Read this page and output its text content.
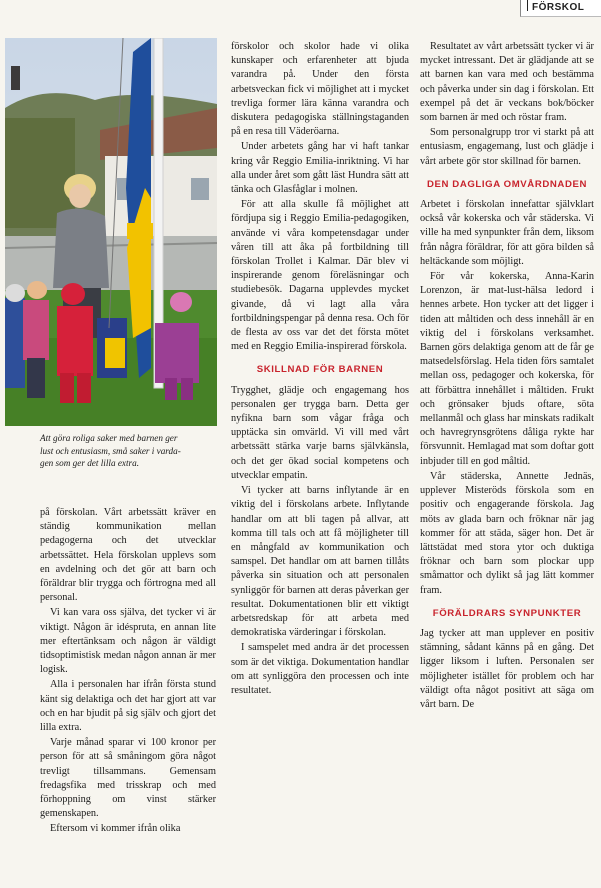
FÖRSKOL
Att göra roliga saker med barnen ger
lust och entusiasm, små saker i varda-
gen som ger det lilla extra.

på förskolan. Vårt arbetssätt kräver en ständig kommunikation mellan pedagogerna och det utvecklar arbetssättet. Hela förskolan upplevs som en avdelning och det gör att barn och föräldrar blir trygga och förtrogna med all personal.

Vi kan vara oss själva, det tycker vi är viktigt. Någon är idéspruta, en annan lite mer eftertänksam och någon är väldigt tidsoptimistisk medan någon annan är mer logisk.

Alla i personalen har ifrån första stund känt sig delaktiga och det har gjort att var och en har bjudit på sig själv och gjort det lilla extra.

Varje månad sparar vi 100 kronor per person för att så småningom göra något trevligt tillsammans. Gemensam fredagsfika med trisskrap och med förhoppning om vinst stärker gemenskapen.

Eftersom vi kommer ifrån olika

förskolor och skolor hade vi olika kunskaper och erfarenheter att bjuda varandra på. Under den första arbetsveckan fick vi möjlighet att i mycket trevliga former lära känna varandra och diskutera pedagogiska ställningstaganden på en resa till Väderöarna.

Under arbetets gång har vi haft tankar kring vår Reggio Emilia-inriktning. Vi har alla under året som gått läst Hundra sätt att tänka och Glasfåglar i molnen.

För att alla skulle få möjlighet att fördjupa sig i Reggio Emilia-pedagogiken, använde vi våra kompetensdagar under våren till att åka på fortbildning till förskolan Trollet i Kalmar. Där blev vi inspirerande genom föreläsningar och studiebesök. Dagarna upplevdes mycket givande, då vi lagt alla våra fortbildningspengar på denna resa. Och för de flesta av oss var det det första mötet med en Reggio Emilia-inspirerad förskola.

SKILLNAD FÖR BARNEN

Trygghet, glädje och engagemang hos personalen ger trygga barn. Detta ger nyfikna barn som vågar fråga och upptäcka sin omvärld. Vi vill med vårt arbetssätt stärka varje barns självkänsla, och det ger ökad social kompetens och utvecklar empatin.

Vi tycker att barns inflytande är en viktig del i förskolans arbete. Inflytande handlar om att bli tagen på allvar, att komma till tals och att få möjligheter till en mångfald av kommunikation och samspel. Det handlar om att barnen tillåts påverka sin situation och att personalen synliggör för barnen att deras påverkan ger resultat. Dokumentationen blir ett viktigt arbetsredskap för att arbeta med demokratiska värderingar i förskolan.

I samspelet med andra är det processen som är det viktiga. Dokumentation handlar om att synliggöra den processen och inte resultatet.

Resultatet av vårt arbetssätt tycker vi är mycket intressant. Det är glädjande att se att barnen kan vara med och bestämma och påverka under sin dag i förskolan. Ett exempel på det är veckans bok/böcker som barnen är med och röstar fram.

Som personalgrupp tror vi starkt på att entusiasm, engagemang, lust och glädje i vårt arbete gör stor skillnad för barnen.

DEN DAGLIGA OMVÅRDNADEN

Arbetet i förskolan innefattar självklart också vår kokerska och vår städerska. Vi ville ha med synpunkter från dem, liksom från några föräldrar, för att göra bilden så heltäckande som möjligt.

För vår kokerska, Anna-Karin Lorenzon, är mat-lust-hälsa ledord i hennes arbete. Hon tycker att det ligger i tiden att måltiden och dess innehåll är en viktig del i förskolans verksamhet. Barnen görs delaktiga genom att de får ge matsedelsförslag. Hela tiden förs samtalet mellan oss, pedagoger och kokerska, för att förbättra innehållet i måltiden. Frukt och grönsaker bjuds oftare, söta mellanmål och glass har minskats radikalt och havregrynsgrötens dåliga rykte har försvunnit. Hemlagad mat som doftar gott inbjuder till en god måltid.

Vår städerska, Annette Jednäs, upplever Misteröds förskola som en positiv och engagerande förskola. Jag möts av glada barn och fröknar när jag kommer för att städa, säger hon. Det är lättstädat med stora ytor och duktiga fröknar och barn som plockar upp småmattor och dylikt så jag lätt kommer fram.

FÖRÄLDRARS SYNPUNKTER

Jag tycker att man upplever en positiv stämning, sådant känns på en gång. Det ligger liksom i luften. Personalen ser möjligheter istället för problem och har väldigt ofta något positivt att säga om vårt barn. De
